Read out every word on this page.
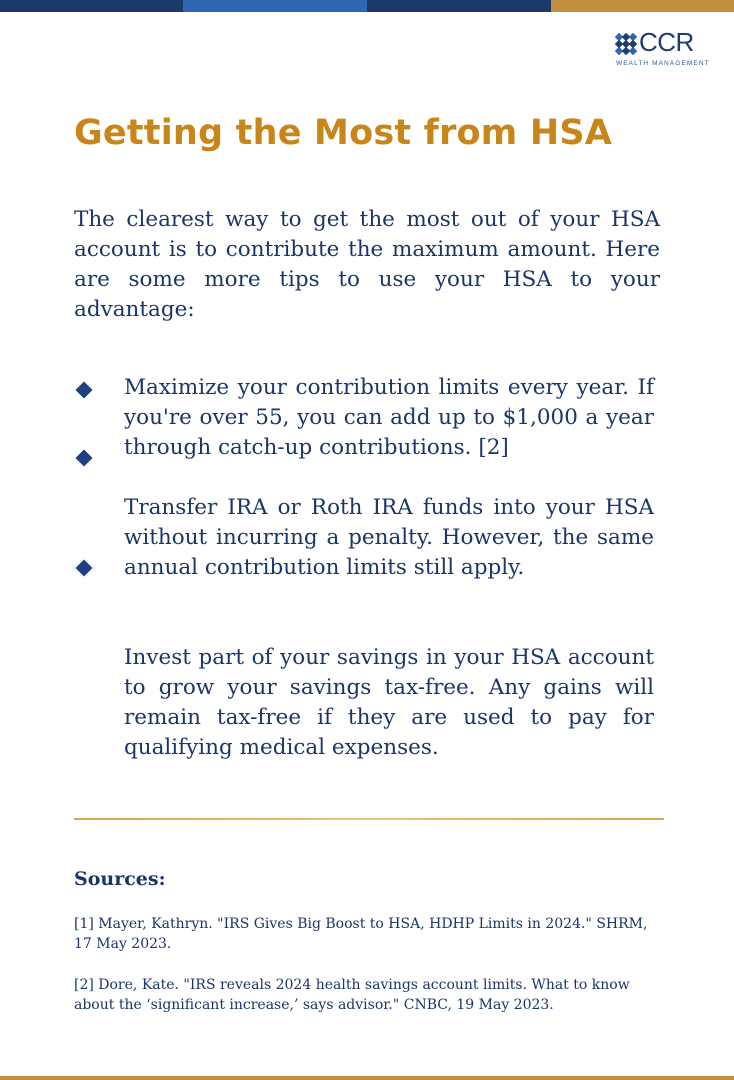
CCR
WEALTH MANAGEMENT
Getting the Most from HSA

The clearest way to get the most out of your HSA account is to contribute the maximum amount. Here are some more tips to use your HSA to your advantage:

Maximize your contribution limits every year. If you're over 55, you can add up to $1,000 a year through catch-up contributions. [2]

Transfer IRA or Roth IRA funds into your HSA without incurring a penalty. However, the same annual contribution limits still apply.

Invest part of your savings in your HSA account to grow your savings tax-free. Any gains will remain tax-free if they are used to pay for qualifying medical expenses.

Sources:

[1] Mayer, Kathryn. "IRS Gives Big Boost to HSA, HDHP Limits in 2024." SHRM, 17 May 2023.

[2] Dore, Kate. "IRS reveals 2024 health savings account limits. What to know about the ‘significant increase,’ says advisor." CNBC, 19 May 2023.
